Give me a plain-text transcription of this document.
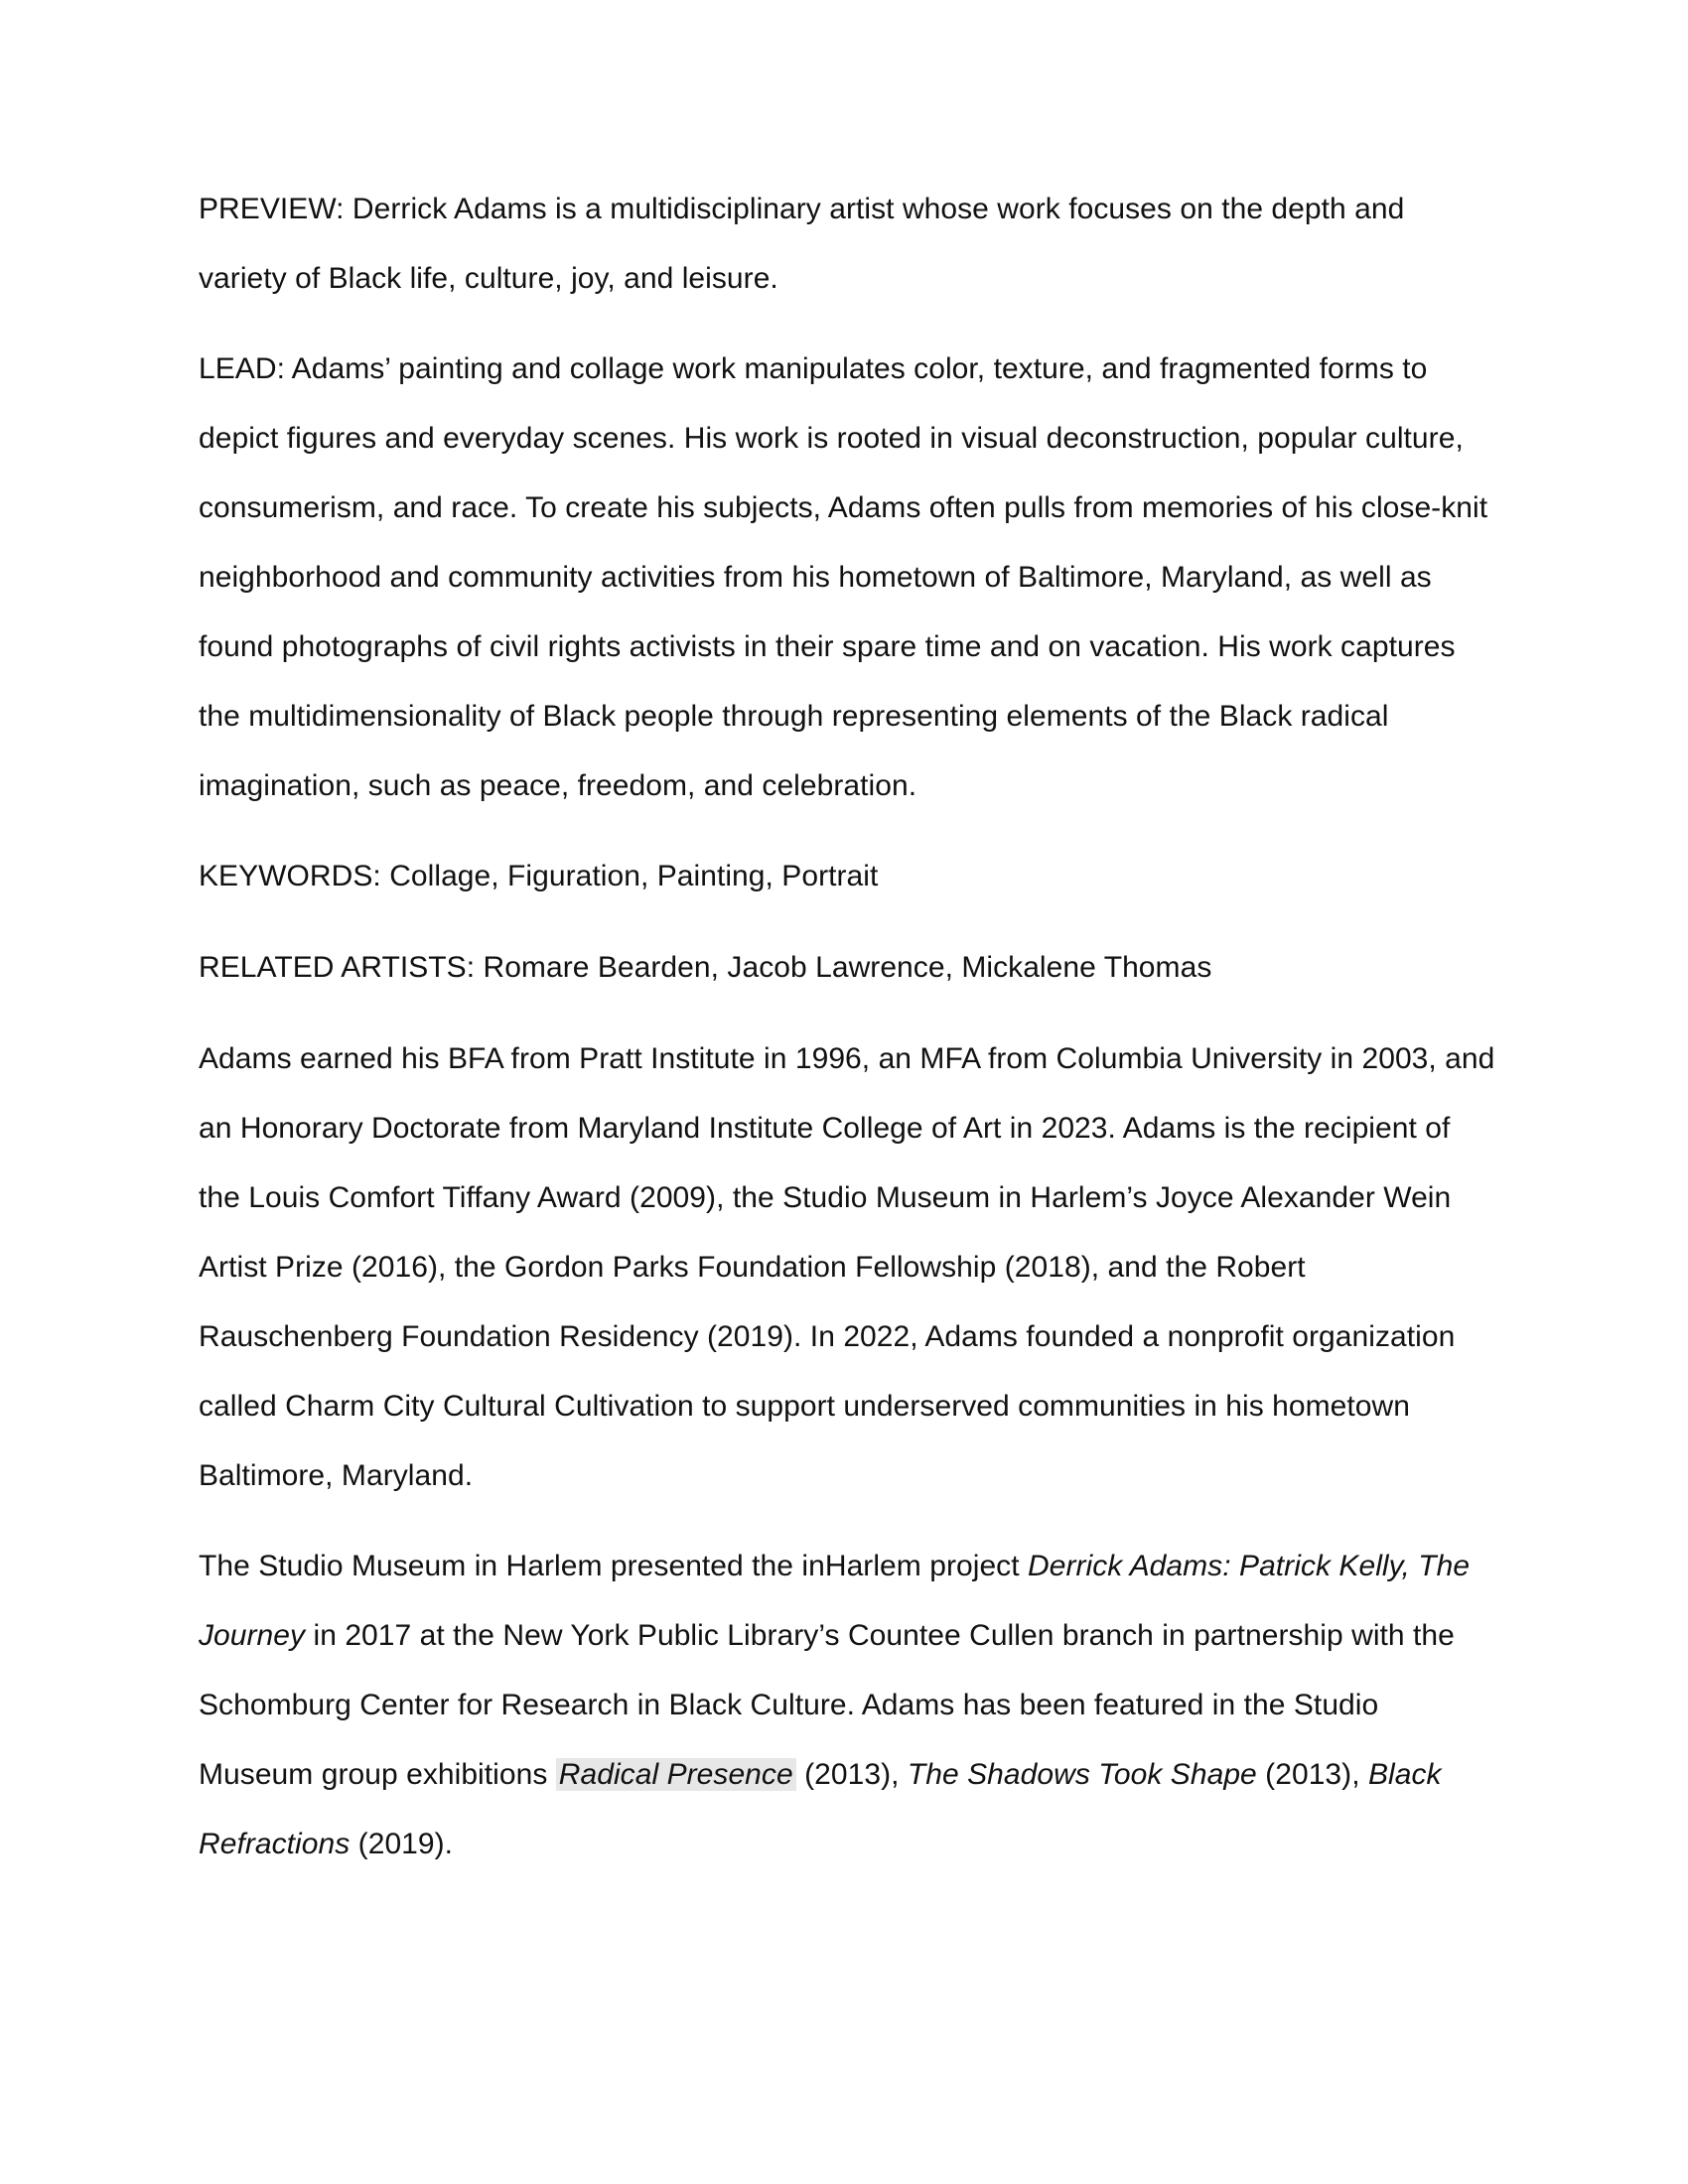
PREVIEW: Derrick Adams is a multidisciplinary artist whose work focuses on the depth and variety of Black life, culture, joy, and leisure.

LEAD: Adams’ painting and collage work manipulates color, texture, and fragmented forms to depict figures and everyday scenes. His work is rooted in visual deconstruction, popular culture, consumerism, and race. To create his subjects, Adams often pulls from memories of his close-knit neighborhood and community activities from his hometown of Baltimore, Maryland, as well as found photographs of civil rights activists in their spare time and on vacation. His work captures the multidimensionality of Black people through representing elements of the Black radical imagination, such as peace, freedom, and celebration.

KEYWORDS: Collage, Figuration, Painting, Portrait

RELATED ARTISTS: Romare Bearden, Jacob Lawrence, Mickalene Thomas

Adams earned his BFA from Pratt Institute in 1996, an MFA from Columbia University in 2003, and an Honorary Doctorate from Maryland Institute College of Art in 2023. Adams is the recipient of the Louis Comfort Tiffany Award (2009), the Studio Museum in Harlem’s Joyce Alexander Wein Artist Prize (2016), the Gordon Parks Foundation Fellowship (2018), and the Robert Rauschenberg Foundation Residency (2019). In 2022, Adams founded a nonprofit organization called Charm City Cultural Cultivation to support underserved communities in his hometown Baltimore, Maryland.

The Studio Museum in Harlem presented the inHarlem project Derrick Adams: Patrick Kelly, The Journey in 2017 at the New York Public Library’s Countee Cullen branch in partnership with the Schomburg Center for Research in Black Culture. Adams has been featured in the Studio Museum group exhibitions Radical Presence (2013), The Shadows Took Shape (2013), Black Refractions (2019).
